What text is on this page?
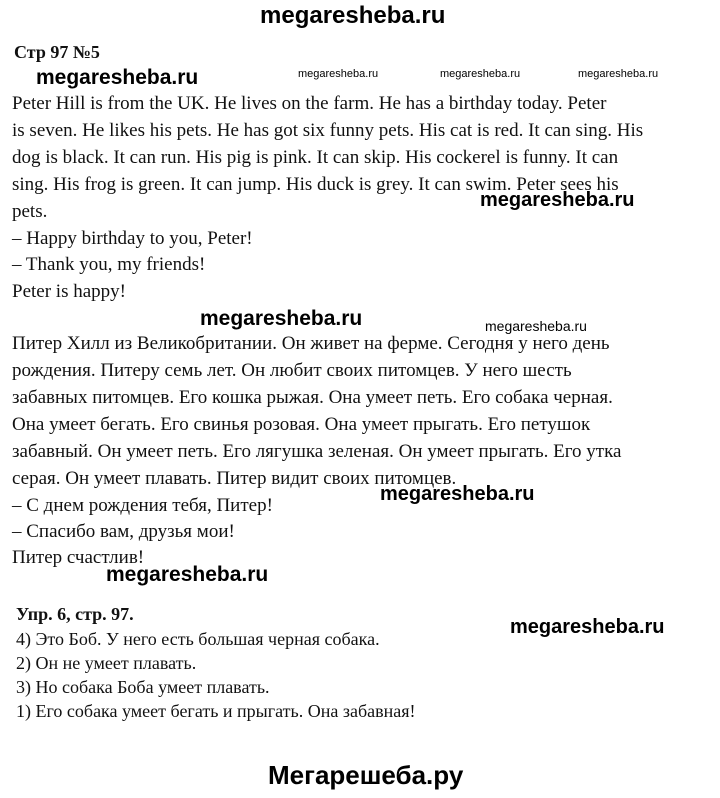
megaresheba.ru
megaresheba.ru	megaresheba.ru	megaresheba.ru	megaresheba.ru
megaresheba.ru
megaresheba.ru	megaresheba.ru
megaresheba.ru
megaresheba.ru
megaresheba.ru
Мегарешеба.ру
Стр 97 №5
Peter Hill is from the UK. He lives on the farm. He has a birthday today. Peter
is seven. He likes his pets. He has got six funny pets. His cat is red. It can sing. His
dog is black. It can run. His pig is pink. It can skip. His cockerel is funny. It can
sing. His frog is green. It can jump. His duck is grey. It can swim. Peter sees his
pets.
– Happy birthday to you, Peter!
– Thank you, my friends!
Peter is happy!
Питер Хилл из Великобритании. Он живет на ферме. Сегодня у него день
рождения. Питеру семь лет. Он любит своих питомцев. У него шесть
забавных питомцев. Его кошка рыжая. Она умеет петь. Его собака черная.
Она умеет бегать. Его свинья розовая. Она умеет прыгать. Его петушок
забавный. Он умеет петь. Его лягушка зеленая. Он умеет прыгать. Его утка
серая. Он умеет плавать. Питер видит своих питомцев.
– С днем рождения тебя, Питер!
– Спасибо вам, друзья мои!
Питер счастлив!
Упр. 6, стр. 97.
4) Это Боб. У него есть большая черная собака.
2) Он не умеет плавать.
3) Но собака Боба умеет плавать.
1) Его собака умеет бегать и прыгать. Она забавная!
